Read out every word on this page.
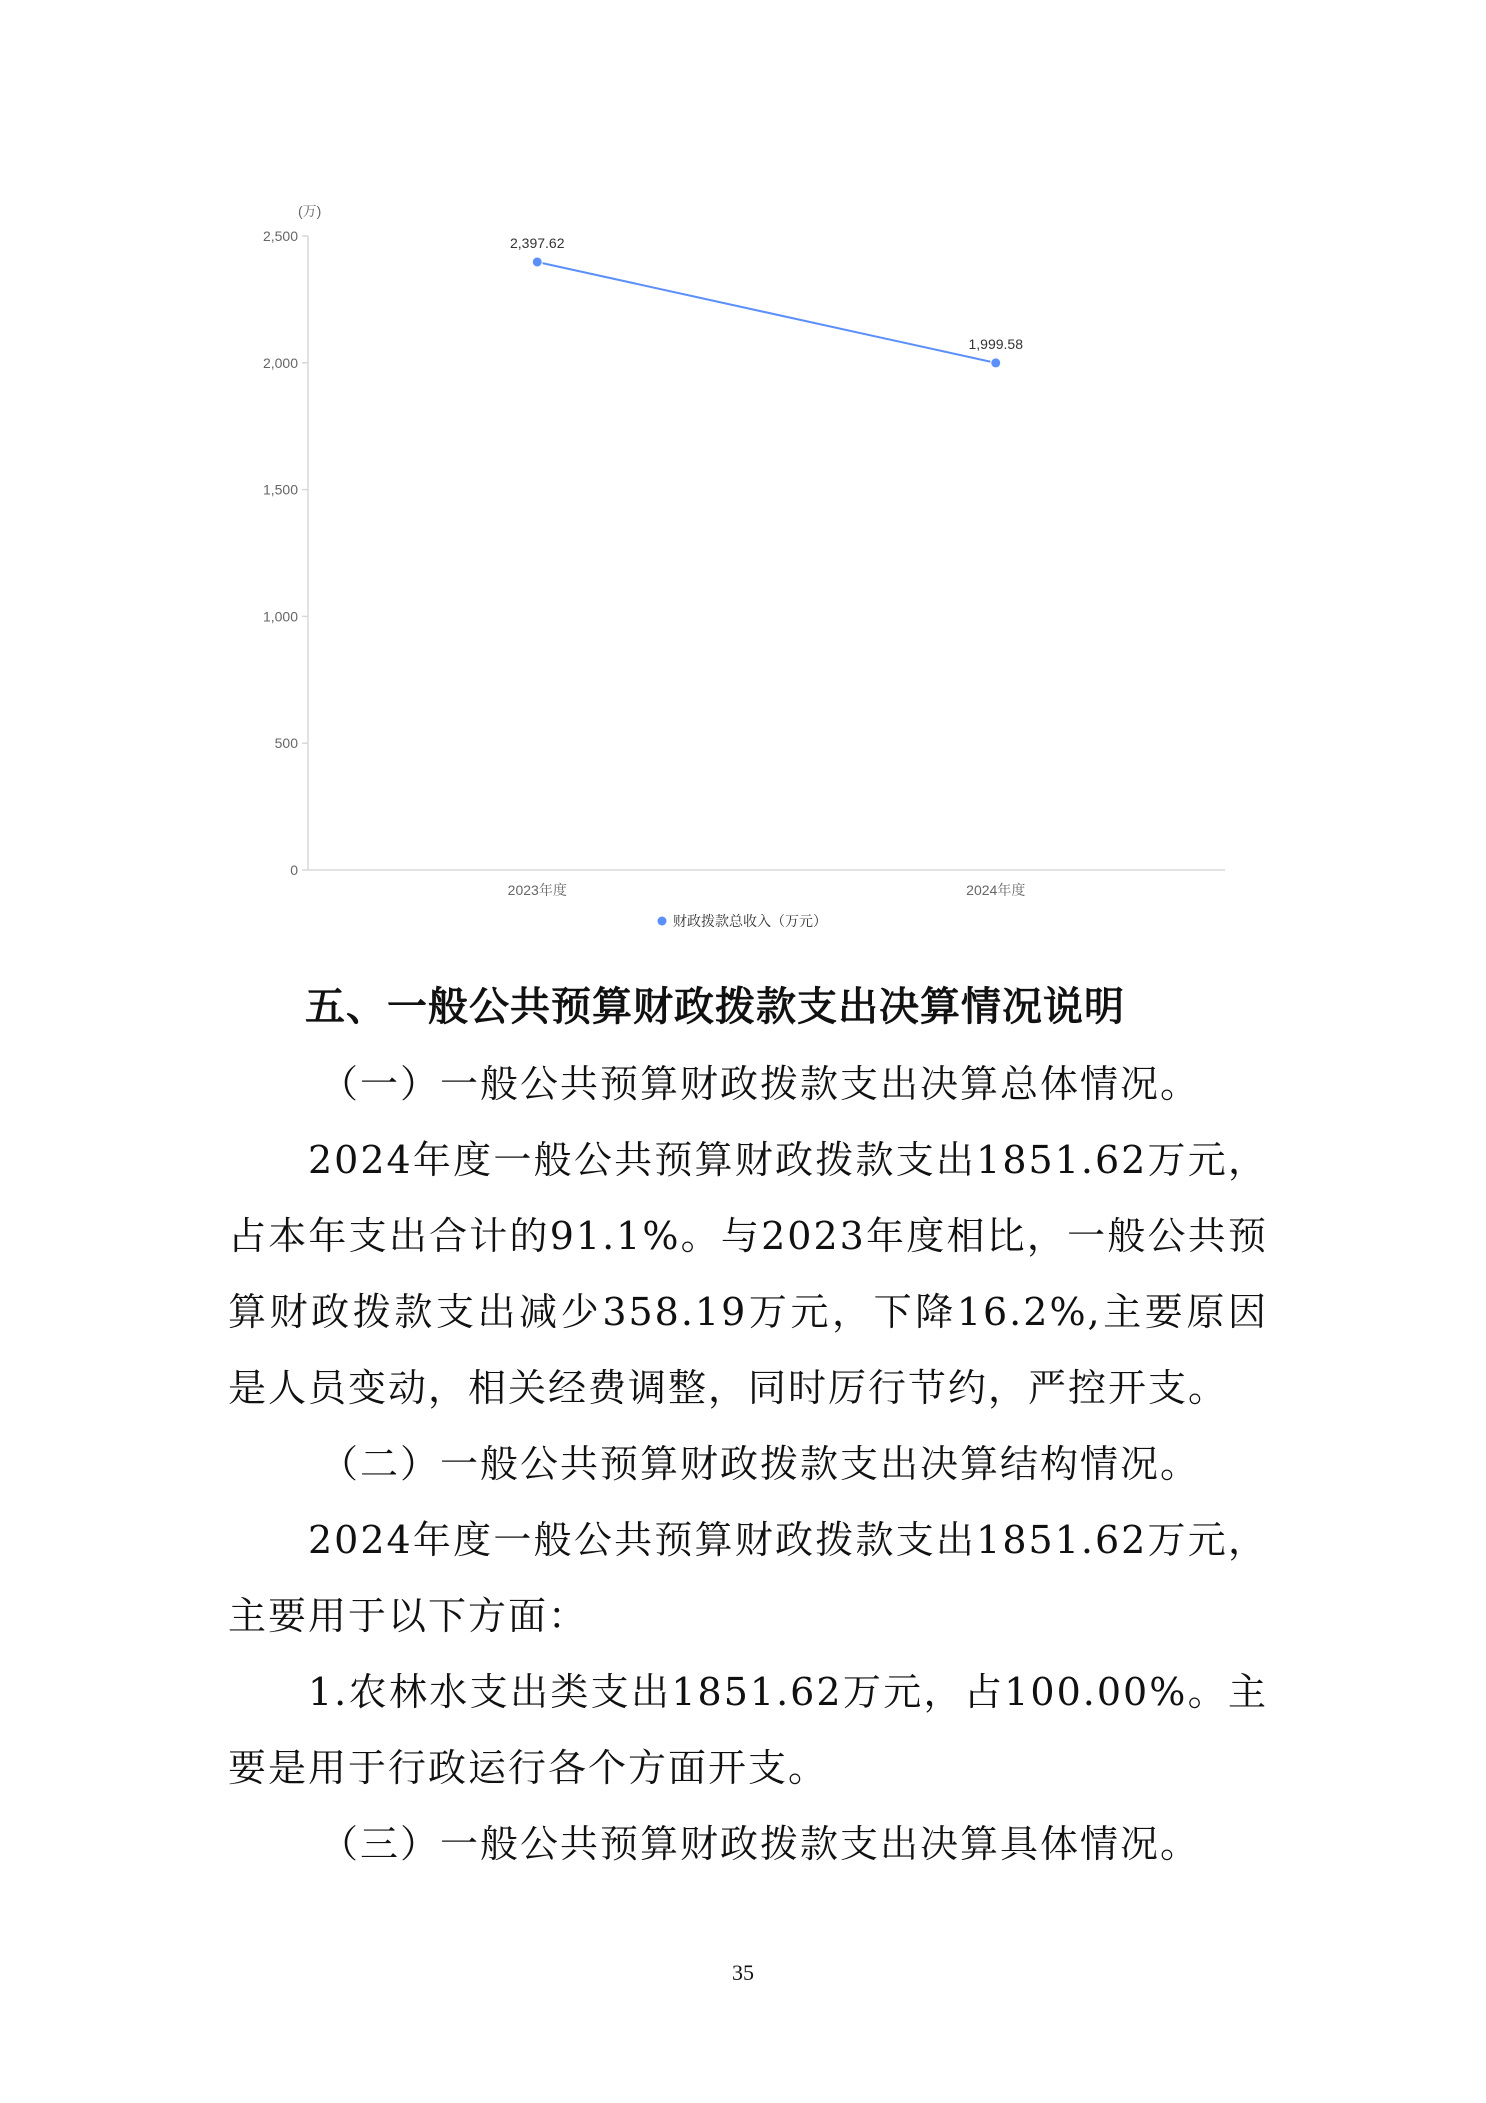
(万)
0
500
1,000
1,500
2,000
2,500
2023年度	2024年度
2,397.62
1,999.58
财政拨款总收入（万元）
五、一般公共预算财政拨款支出决算情况说明

（一）一般公共预算财政拨款支出决算总体情况。

2024年度一般公共预算财政拨款支出1851.62万元，占本年支出合计的91.1%。与2023年度相比，一般公共预算财政拨款支出减少358.19万元，下降16.2%,主要原因是人员变动，相关经费调整，同时厉行节约，严控开支。

（二）一般公共预算财政拨款支出决算结构情况。

2024年度一般公共预算财政拨款支出1851.62万元，主要用于以下方面：

1.农林水支出类支出1851.62万元，占100.00%。主要是用于行政运行各个方面开支。

（三）一般公共预算财政拨款支出决算具体情况。

35
